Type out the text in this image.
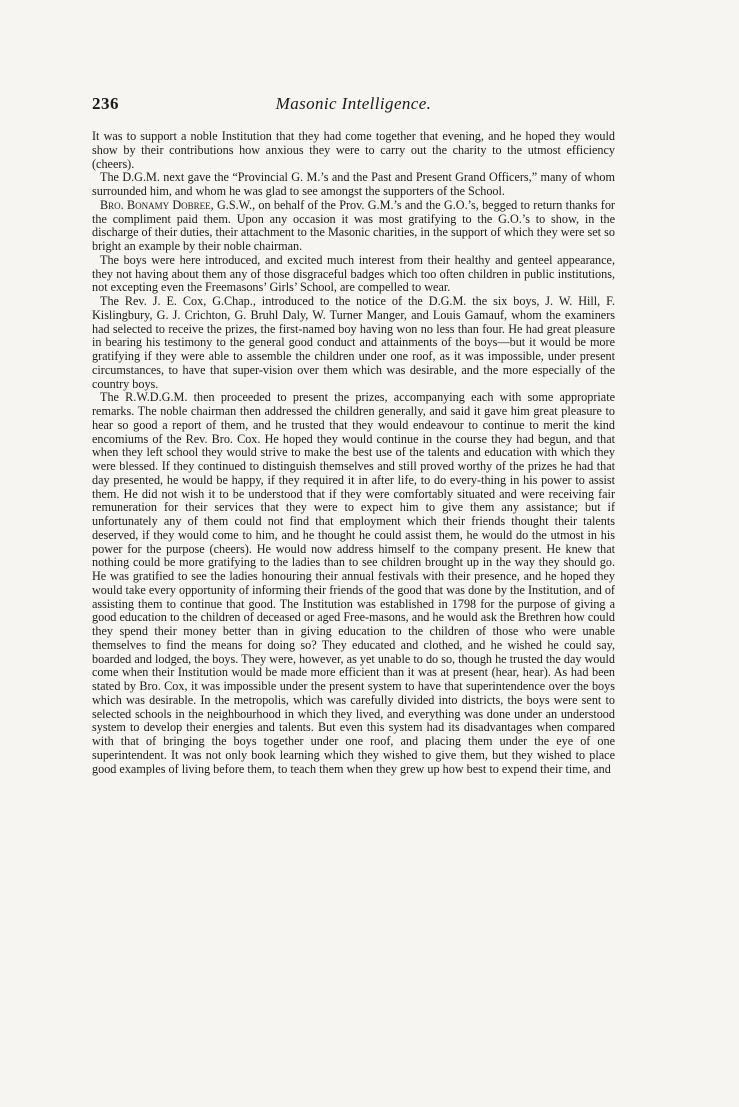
236	Masonic Intelligence.

It was to support a noble Institution that they had come together that evening, and he hoped they would show by their contributions how anxious they were to carry out the charity to the utmost efficiency (cheers).

The D.G.M. next gave the “Provincial G. M.’s and the Past and Present Grand Officers,” many of whom surrounded him, and whom he was glad to see amongst the supporters of the School.

Bro. Bonamy Dobree, G.S.W., on behalf of the Prov. G.M.’s and the G.O.’s, begged to return thanks for the compliment paid them. Upon any occasion it was most gratifying to the G.O.’s to show, in the discharge of their duties, their attachment to the Masonic charities, in the support of which they were set so bright an example by their noble chairman.

The boys were here introduced, and excited much interest from their healthy and genteel appearance, they not having about them any of those disgraceful badges which too often children in public institutions, not excepting even the Freemasons’ Girls’ School, are compelled to wear.

The Rev. J. E. Cox, G.Chap., introduced to the notice of the D.G.M. the six boys, J. W. Hill, F. Kislingbury, G. J. Crichton, G. Bruhl Daly, W. Turner Manger, and Louis Gamauf, whom the examiners had selected to receive the prizes, the first-named boy having won no less than four. He had great pleasure in bearing his testimony to the general good conduct and attainments of the boys—but it would be more gratifying if they were able to assemble the children under one roof, as it was impossible, under present circumstances, to have that super-vision over them which was desirable, and the more especially of the country boys.

The R.W.D.G.M. then proceeded to present the prizes, accompanying each with some appropriate remarks. The noble chairman then addressed the children generally, and said it gave him great pleasure to hear so good a report of them, and he trusted that they would endeavour to continue to merit the kind encomiums of the Rev. Bro. Cox. He hoped they would continue in the course they had begun, and that when they left school they would strive to make the best use of the talents and education with which they were blessed. If they continued to distinguish themselves and still proved worthy of the prizes he had that day presented, he would be happy, if they required it in after life, to do every-thing in his power to assist them. He did not wish it to be understood that if they were comfortably situated and were receiving fair remuneration for their services that they were to expect him to give them any assistance; but if unfortunately any of them could not find that employment which their friends thought their talents deserved, if they would come to him, and he thought he could assist them, he would do the utmost in his power for the purpose (cheers). He would now address himself to the company present. He knew that nothing could be more gratifying to the ladies than to see children brought up in the way they should go. He was gratified to see the ladies honouring their annual festivals with their presence, and he hoped they would take every opportunity of informing their friends of the good that was done by the Institution, and of assisting them to continue that good. The Institution was established in 1798 for the purpose of giving a good education to the children of deceased or aged Free-masons, and he would ask the Brethren how could they spend their money better than in giving education to the children of those who were unable themselves to find the means for doing so? They educated and clothed, and he wished he could say, boarded and lodged, the boys. They were, however, as yet unable to do so, though he trusted the day would come when their Institution would be made more efficient than it was at present (hear, hear). As had been stated by Bro. Cox, it was impossible under the present system to have that superintendence over the boys which was desirable. In the metropolis, which was carefully divided into districts, the boys were sent to selected schools in the neighbourhood in which they lived, and everything was done under an understood system to develop their energies and talents. But even this system had its disadvantages when compared with that of bringing the boys together under one roof, and placing them under the eye of one superintendent. It was not only book learning which they wished to give them, but they wished to place good examples of living before them, to teach them when they grew up how best to expend their time, and
